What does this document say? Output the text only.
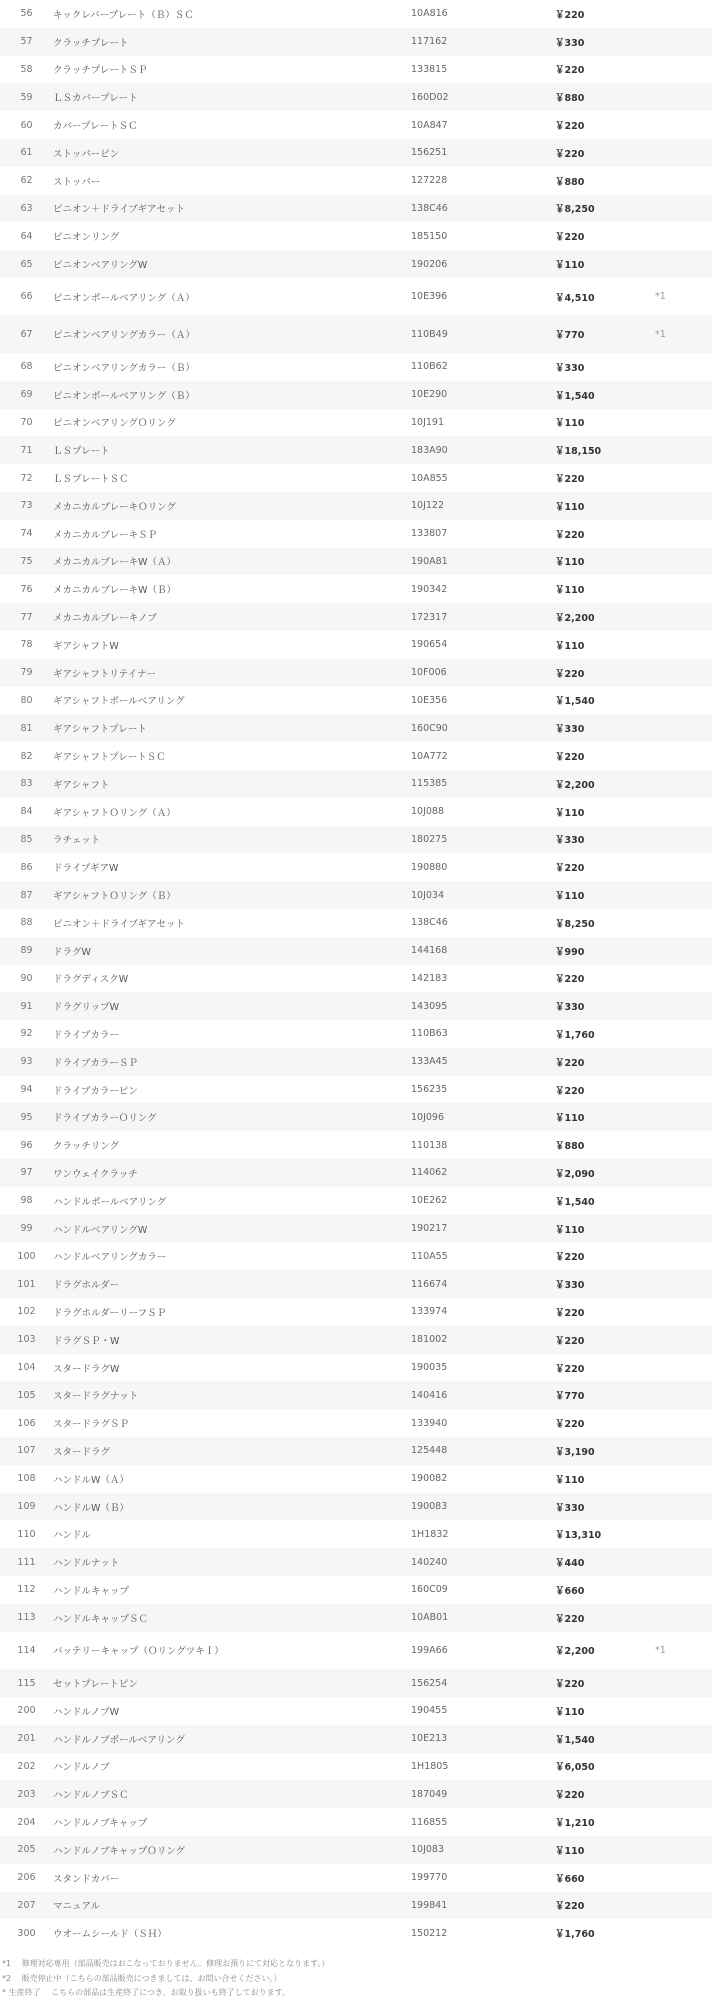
56	キックレバープレート（Ｂ）ＳＣ	10A816	￥220	
57	クラッチプレート	117162	￥330	
58	クラッチプレートＳＰ	133815	￥220	
59	ＬＳカバープレート	160D02	￥880	
60	カバープレートＳＣ	10A847	￥220	
61	ストッパーピン	156251	￥220	
62	ストッパー	127228	￥880	
63	ピニオン＋ドライブギアセット	138C46	￥8,250	
64	ピニオンリング	185150	￥220	
65	ピニオンベアリングW	190206	￥110	
66	ピニオンボールベアリング（Ａ）	10E396	￥4,510	*1
67	ピニオンベアリングカラー（Ａ）	110B49	￥770	*1
68	ピニオンベアリングカラー（Ｂ）	110B62	￥330	
69	ピニオンボールベアリング（Ｂ）	10E290	￥1,540	
70	ピニオンベアリングＯリング	10J191	￥110	
71	ＬＳプレート	183A90	￥18,150	
72	ＬＳプレートＳＣ	10A855	￥220	
73	メカニカルブレーキＯリング	10J122	￥110	
74	メカニカルブレーキＳＰ	133807	￥220	
75	メカニカルブレーキW（Ａ）	190A81	￥110	
76	メカニカルブレーキW（Ｂ）	190342	￥110	
77	メカニカルブレーキノブ	172317	￥2,200	
78	ギアシャフトW	190654	￥110	
79	ギアシャフトリテイナー	10F006	￥220	
80	ギアシャフトボールベアリング	10E356	￥1,540	
81	ギアシャフトプレート	160C90	￥330	
82	ギアシャフトプレートＳＣ	10A772	￥220	
83	ギアシャフト	115385	￥2,200	
84	ギアシャフトＯリング（Ａ）	10J088	￥110	
85	ラチェット	180275	￥330	
86	ドライブギアW	190880	￥220	
87	ギアシャフトＯリング（Ｂ）	10J034	￥110	
88	ピニオン＋ドライブギアセット	138C46	￥8,250	
89	ドラグW	144168	￥990	
90	ドラグディスクW	142183	￥220	
91	ドラグリップW	143095	￥330	
92	ドライブカラー	110B63	￥1,760	
93	ドライブカラーＳＰ	133A45	￥220	
94	ドライブカラーピン	156235	￥220	
95	ドライブカラーＯリング	10J096	￥110	
96	クラッチリング	110138	￥880	
97	ワンウェイクラッチ	114062	￥2,090	
98	ハンドルボールベアリング	10E262	￥1,540	
99	ハンドルベアリングW	190217	￥110	
100	ハンドルベアリングカラー	110A55	￥220	
101	ドラグホルダー	116674	￥330	
102	ドラグホルダーリーフＳＰ	133974	￥220	
103	ドラグＳＰ・W	181002	￥220	
104	スタードラグW	190035	￥220	
105	スタードラグナット	140416	￥770	
106	スタードラグＳＰ	133940	￥220	
107	スタードラグ	125448	￥3,190	
108	ハンドルW（Ａ）	190082	￥110	
109	ハンドルW（Ｂ）	190083	￥330	
110	ハンドル	1H1832	￥13,310	
111	ハンドルナット	140240	￥440	
112	ハンドルキャップ	160C09	￥660	
113	ハンドルキャップＳＣ	10AB01	￥220	
114	バッテリーキャップ（ＯリングツキＩ）	199A66	￥2,200	*1
115	セットプレートピン	156254	￥220	
200	ハンドルノブW	190455	￥110	
201	ハンドルノブボールベアリング	10E213	￥1,540	
202	ハンドルノブ	1H1805	￥6,050	
203	ハンドルノブＳＣ	187049	￥220	
204	ハンドルノブキャップ	116855	￥1,210	
205	ハンドルノブキャップＯリング	10J083	￥110	
206	スタンドカバー	199770	￥660	
207	マニュアル	199841	￥220	
300	ウオームシールド（ＳＨ）	150212	￥1,760	
*1 　修理対応専用（部品販売はおこなっておりません。修理お預りにて対応となります。）
*2 　販売停止中（こちらの部品販売につきましては、お問い合せください。）
* 生産終了 　こちらの部品は生産終了につき、お取り扱いも終了しております。
